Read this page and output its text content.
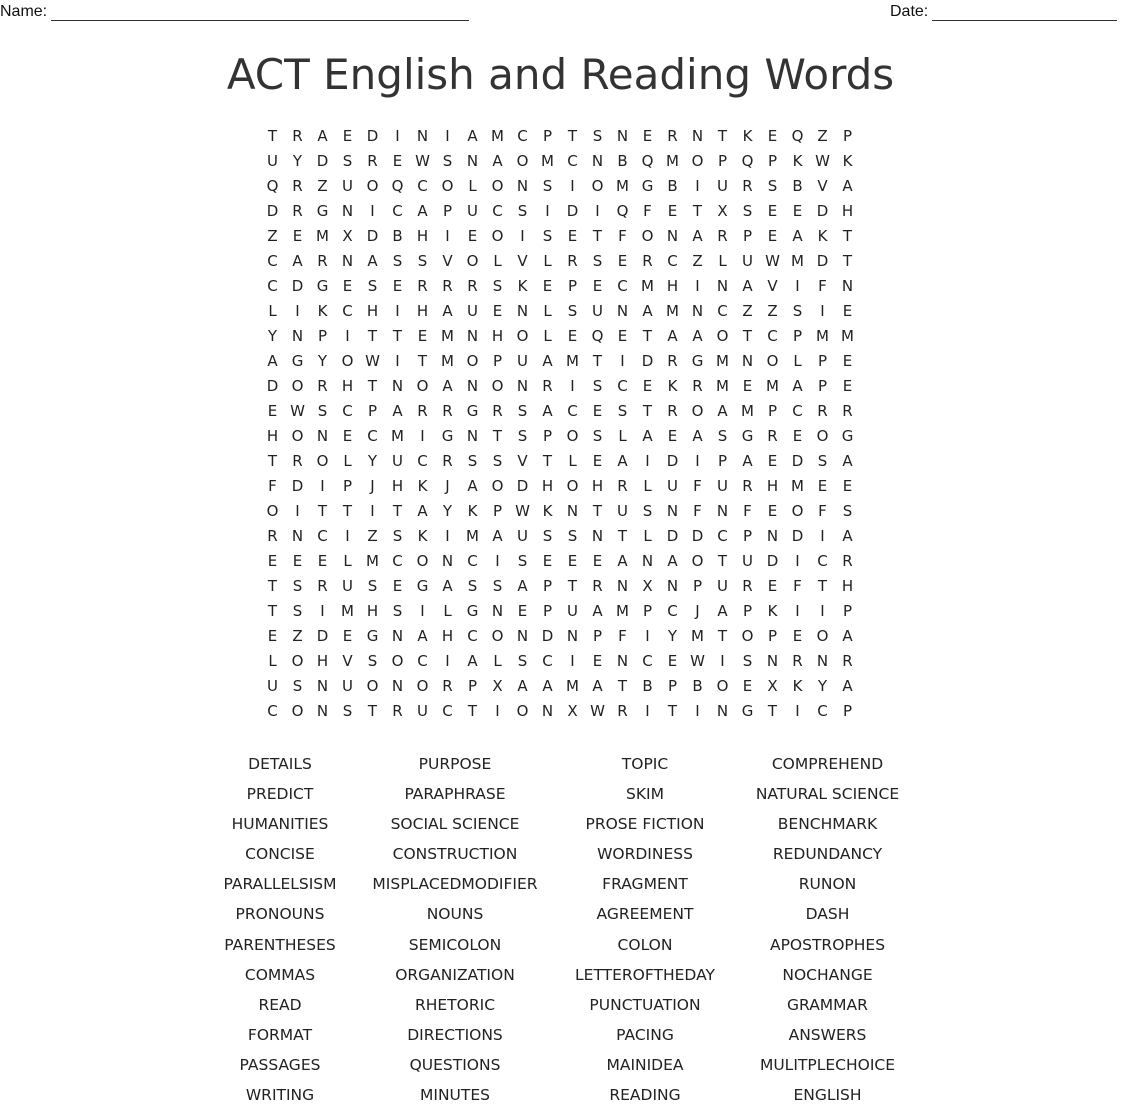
Name:	Date:
ACT English and Reading Words
T	R A	E D	I	N	I	A M C	P	T	S N E	R N T	K	E Q Z	P
U Y D S	R	E W S N A O M C N B Q M O P Q P	K W K
Q R Z U O Q C O L O N S	I	O M G B	I	U R	S	B V A
D R G N	I	C A	P U C	S	I	D	I	Q F	E	T	X	S	E	E D H
Z	E M X D B H	I	E O	I	S	E	T	F O N A R	P	E	A K	T
C A R N A	S	S	V O L	V	L	R	S	E	R C Z	L	U W M D T
C D G E	S	E	R R R	S	K	E	P	E	C M H	I	N A V	I	F	N
L	I	K C H	I	H A U E N	L	S U N A M N C Z Z	S	I	E
Y N P	I	T	T	E M N H O L	E Q E	T	A A O T	C	P M M
A G Y O W	I	T M O P U A M T	I	D R G M N O L	P	E
D O R H T N O A N O N R	I	S C	E	K R M E M A	P	E
E W S C	P	A R R G R	S	A C	E	S	T	R O A M P	C R R
H O N E	C M	I	G N T	S	P O S	L	A	E	A	S G R	E O G
T	R O L	Y U C R	S	S	V	T	L	E	A	I	D	I	P	A	E D S	A
F D	I	P	J	H K	J	A O D H O H R	L	U	F	U R H M E	E
O	I	T	T	I	T	A	Y	K	P W K N T U S N	F	N	F	E O F	S
R N C	I	Z	S	K	I	M A U S	S N T	L	D D C	P N D	I	A
E	E	E	L M C O N C	I	S	E	E	E	A N A O T U D	I	C R
T	S	R U S	E G A	S	S	A	P	T	R N X N P U R	E	F	T H
T	S	I	M H S	I	L	G N E	P U A M P	C	J	A	P	K	I	I	P
E	Z D E G N A H C O N D N P	F	I	Y M T O P	E O A
L O H V	S O C	I	A	L	S C	I	E N C	E W	I	S N R N R
U S N U O N O R	P	X A A M A	T	B	P	B O E	X K	Y	A
C O N S	T	R U C	T	I	O N X W R	I	T	I	N G T	I	C	P
DETAILS	PURPOSE	TOPIC	COMPREHEND
PREDICT	PARAPHRASE	SKIM	NATURAL SCIENCE
HUMANITIES	SOCIAL SCIENCE	PROSE FICTION	BENCHMARK
CONCISE	CONSTRUCTION	WORDINESS	REDUNDANCY
PARALLELSISM	MISPLACEDMODIFIER	FRAGMENT	RUNON
PRONOUNS	NOUNS	AGREEMENT	DASH
PARENTHESES	SEMICOLON	COLON	APOSTROPHES
COMMAS	ORGANIZATION	LETTEROFTHEDAY	NOCHANGE
READ	RHETORIC	PUNCTUATION	GRAMMAR
FORMAT	DIRECTIONS	PACING	ANSWERS
PASSAGES	QUESTIONS	MAINIDEA	MULITPLECHOICE
WRITING	MINUTES	READING	ENGLISH
